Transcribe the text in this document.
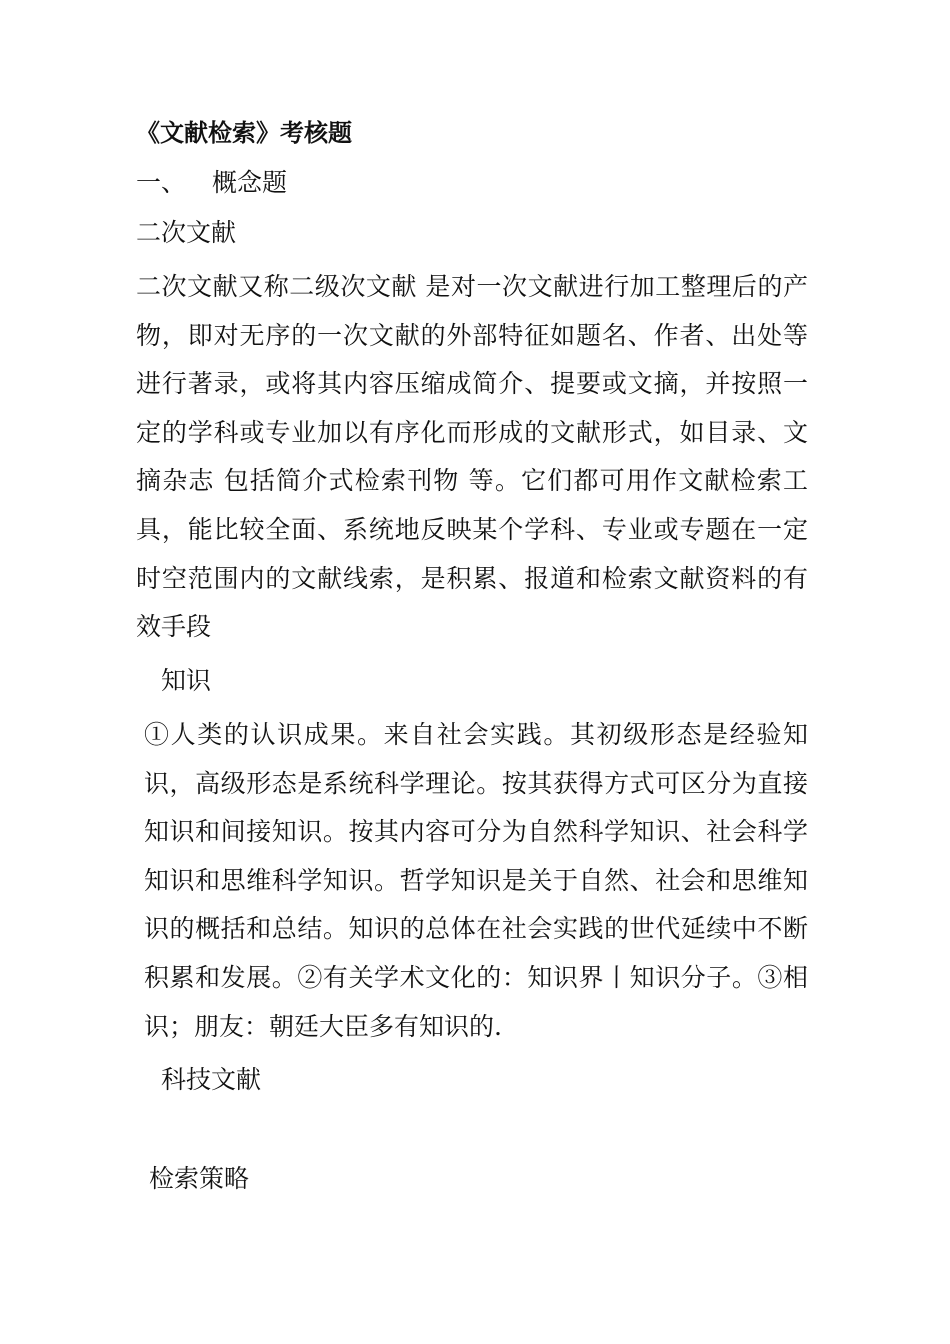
《文献检索》考核题
一、 概念题
二次文献

二次文献又称二级次文献 是对一次文献进行加工整理后的产物，即对无序的一次文献的外部特征如题名、作者、出处等进行著录，或将其内容压缩成简介、提要或文摘，并按照一定的学科或专业加以有序化而形成的文献形式，如目录、文摘杂志 包括简介式检索刊物 等。它们都可用作文献检索工具，能比较全面、系统地反映某个学科、专业或专题在一定时空范围内的文献线索，是积累、报道和检索文献资料的有效手段

知识

①人类的认识成果。来自社会实践。其初级形态是经验知识，高级形态是系统科学理论。按其获得方式可区分为直接知识和间接知识。按其内容可分为自然科学知识、社会科学知识和思维科学知识。哲学知识是关于自然、社会和思维知识的概括和总结。知识的总体在社会实践的世代延续中不断积累和发展。②有关学术文化的：知识界丨知识分子。③相识；朋友：朝廷大臣多有知识的.

科技文献
检索策略
